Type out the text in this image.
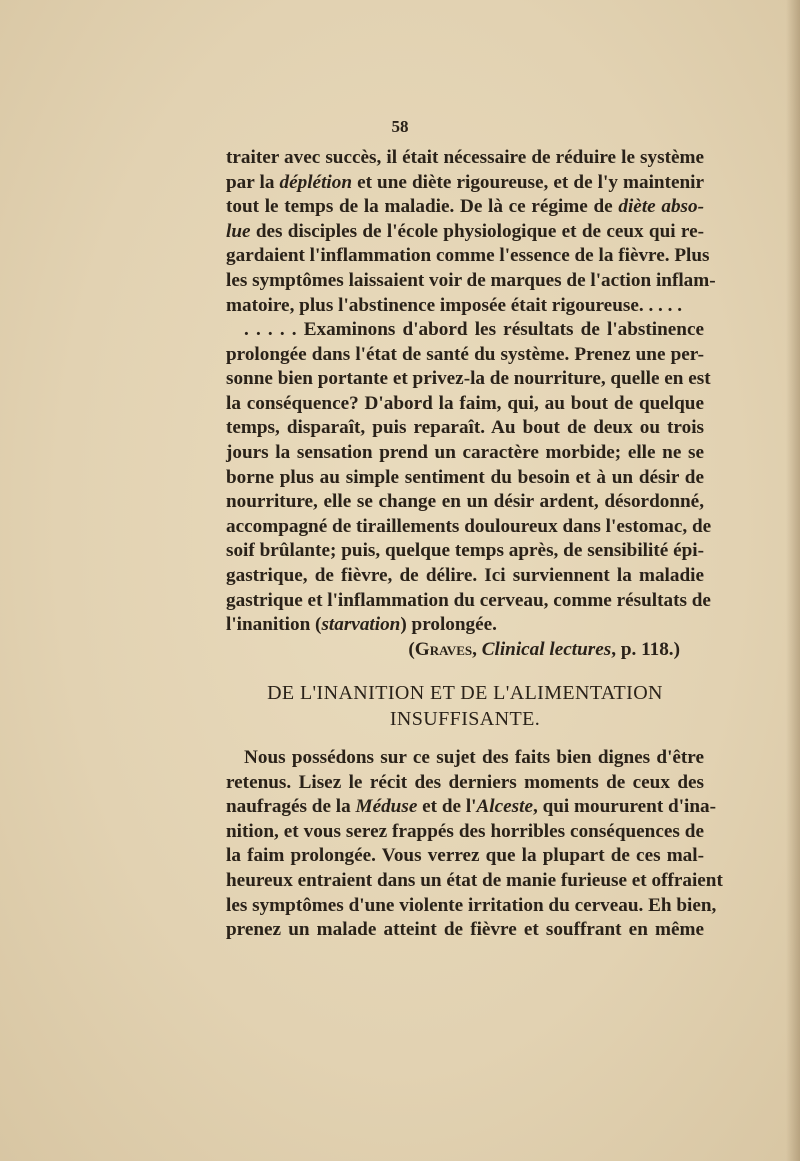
58
traiter avec succès, il était nécessaire de réduire le système
par la déplétion et une diète rigoureuse, et de l'y maintenir
tout le temps de la maladie. De là ce régime de diète abso-
lue des disciples de l'école physiologique et de ceux qui re-
gardaient l'inflammation comme l'essence de la fièvre. Plus
les symptômes laissaient voir de marques de l'action inflam-
matoire, plus l'abstinence imposée était rigoureuse. . . . .
. . . . . Examinons d'abord les résultats de l'abstinence
prolongée dans l'état de santé du système. Prenez une per-
sonne bien portante et privez-la de nourriture, quelle en est
la conséquence? D'abord la faim, qui, au bout de quelque
temps, disparaît, puis reparaît. Au bout de deux ou trois
jours la sensation prend un caractère morbide; elle ne se
borne plus au simple sentiment du besoin et à un désir de
nourriture, elle se change en un désir ardent, désordonné,
accompagné de tiraillements douloureux dans l'estomac, de
soif brûlante; puis, quelque temps après, de sensibilité épi-
gastrique, de fièvre, de délire. Ici surviennent la maladie
gastrique et l'inflammation du cerveau, comme résultats de
l'inanition (starvation) prolongée.
(Graves, Clinical lectures, p. 118.)
DE L'INANITION ET DE L'ALIMENTATION
INSUFFISANTE.
Nous possédons sur ce sujet des faits bien dignes d'être
retenus. Lisez le récit des derniers moments de ceux des
naufragés de la Méduse et de l'Alceste, qui moururent d'ina-
nition, et vous serez frappés des horribles conséquences de
la faim prolongée. Vous verrez que la plupart de ces mal-
heureux entraient dans un état de manie furieuse et offraient
les symptômes d'une violente irritation du cerveau. Eh bien,
prenez un malade atteint de fièvre et souffrant en même
